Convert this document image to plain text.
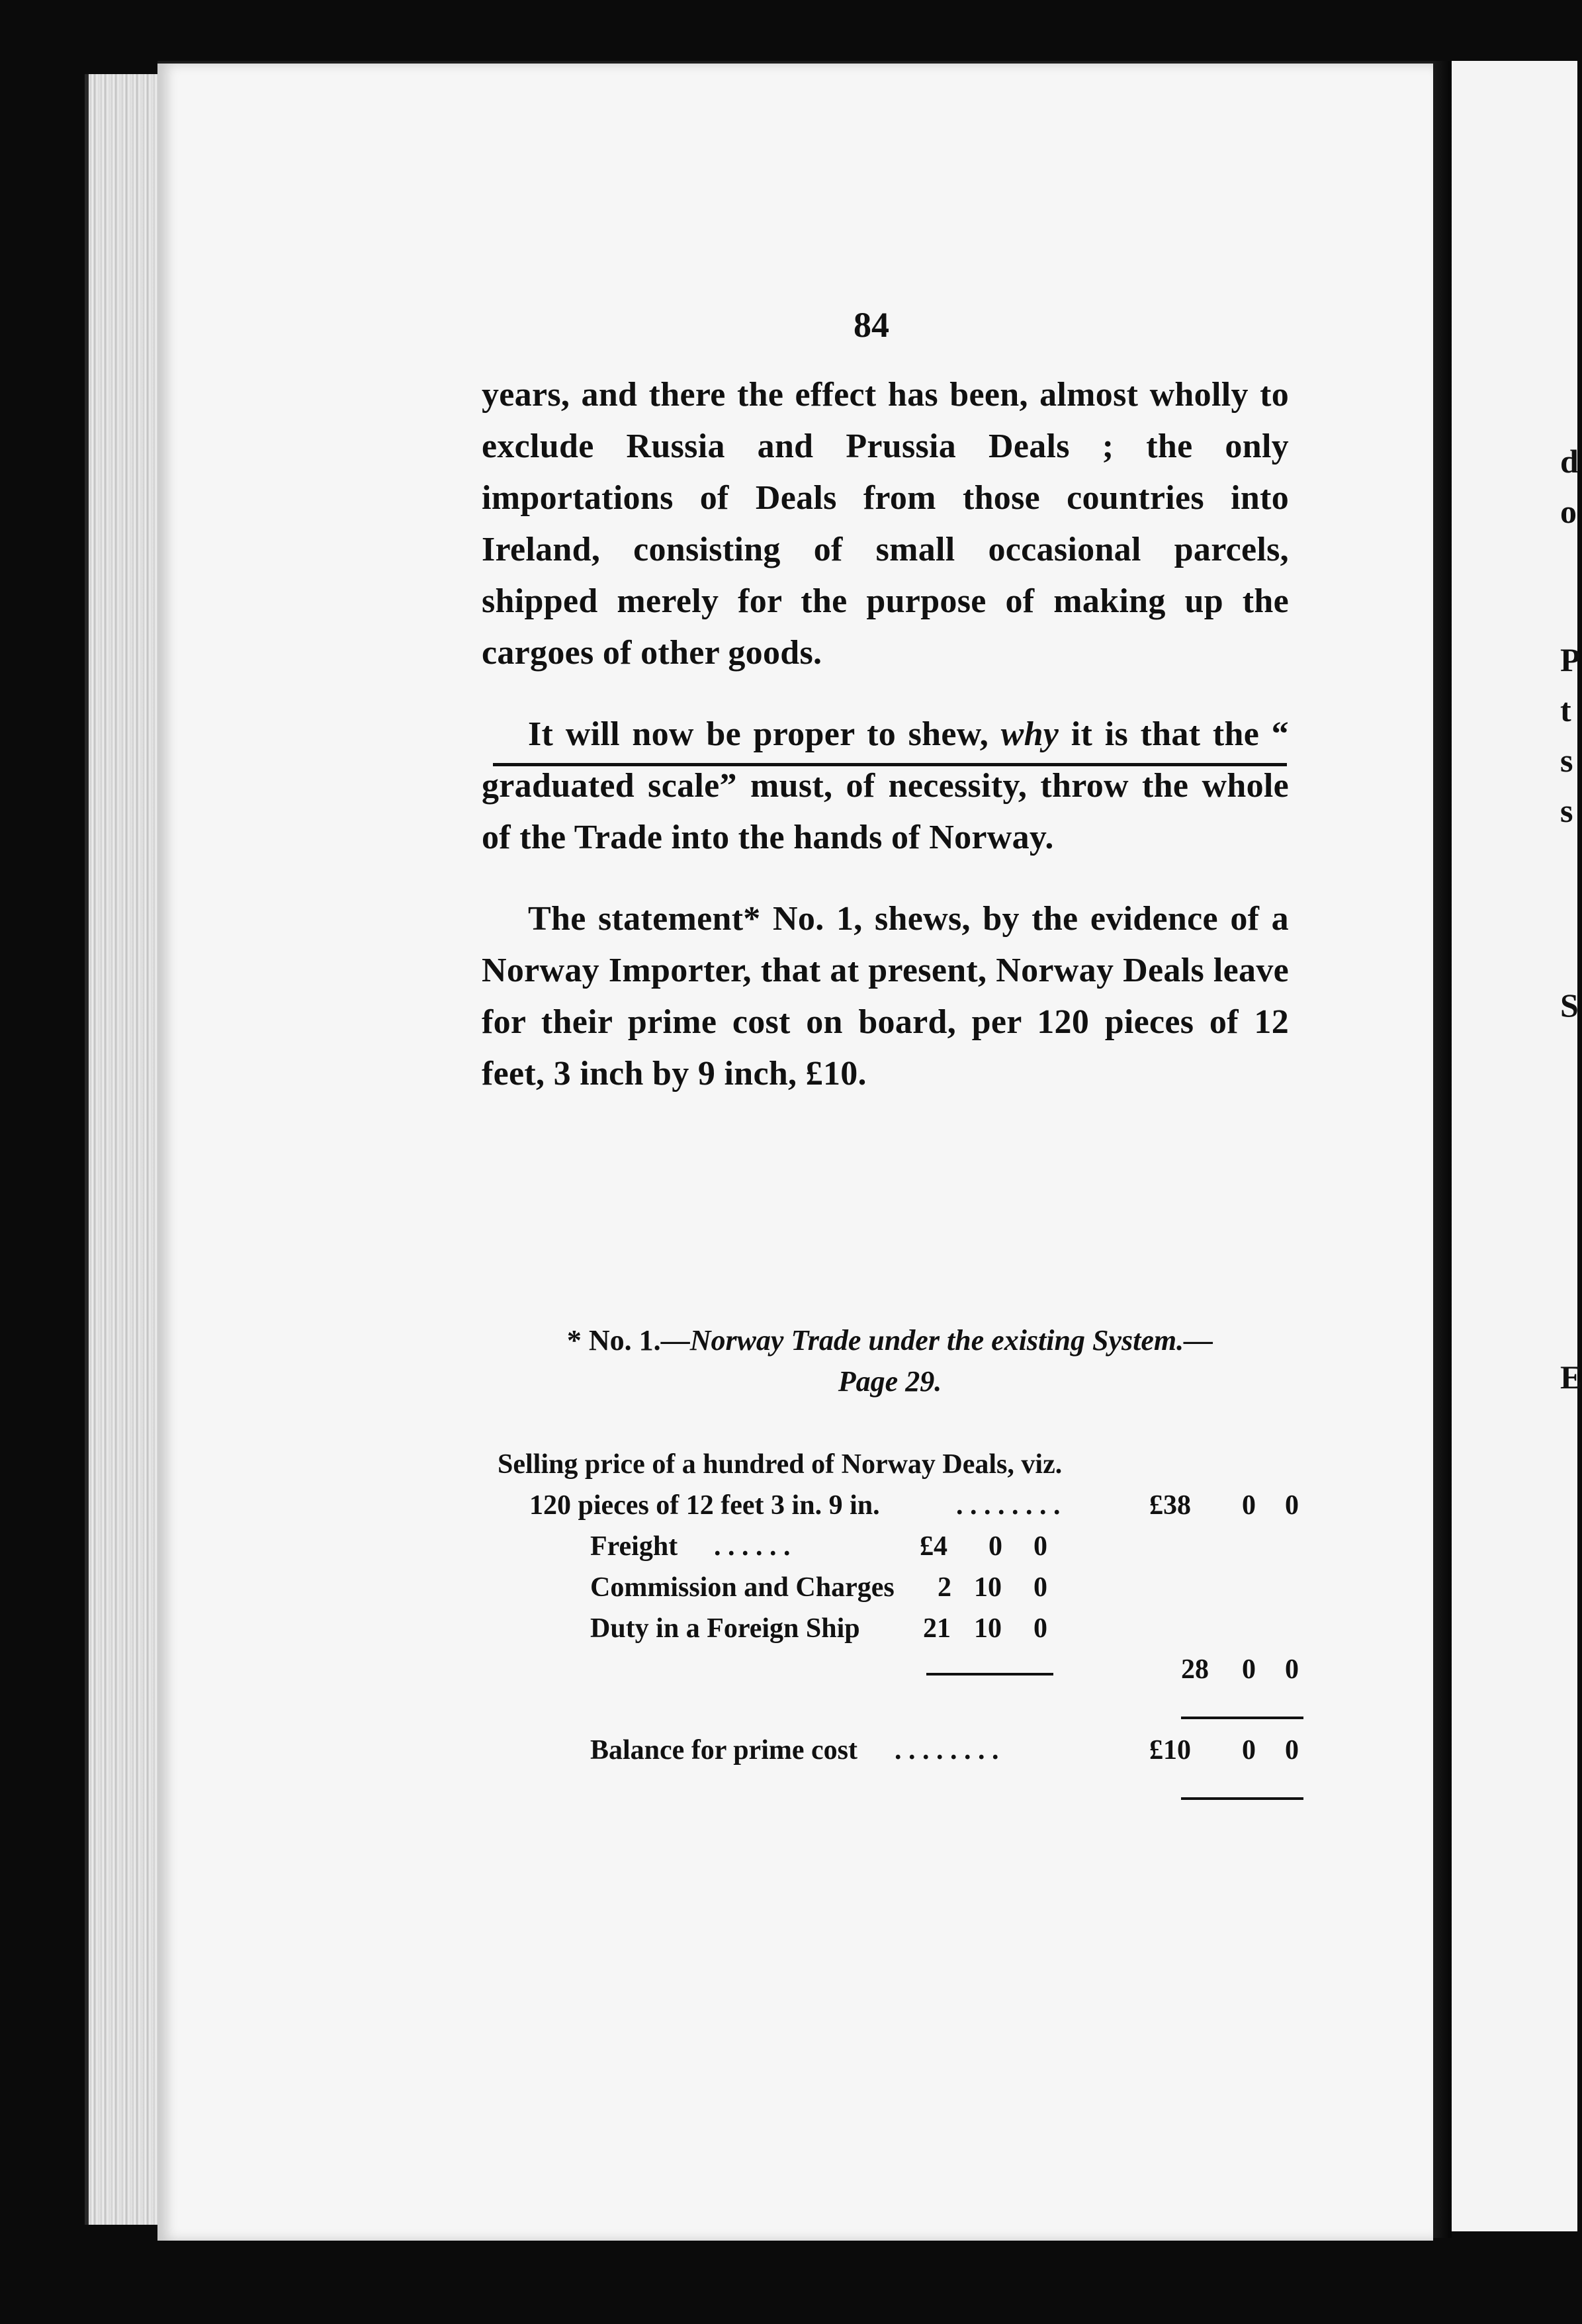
d
o
P
t
s
s
S
E
84

years, and there the effect has been, almost wholly to exclude Russia and Prussia Deals ; the only importations of Deals from those countries into Ireland, consisting of small occasional parcels, shipped merely for the purpose of making up the cargoes of other goods.

It will now be proper to shew, why it is that the “ graduated scale” must, of necessity, throw the whole of the Trade into the hands of Norway.

The statement* No. 1, shews, by the evidence of a Norway Importer, that at present, Norway Deals leave for their prime cost on board, per 120 pieces of 12 feet, 3 inch by 9 inch, £10.

* No. 1.—Norway Trade under the existing System.—
Page 29.
Selling price of a hundred of Norway Deals, viz.
120 pieces of 12 feet 3 in. 9 in.	. . . . . . . .	£38 0 0
Freight . . . . . .	£4 0 0
Commission and Charges 2 10 0
Duty in a Foreign Ship 21 10 0
28 0 0
Balance for prime cost . . . . . . . .	£10 0 0
